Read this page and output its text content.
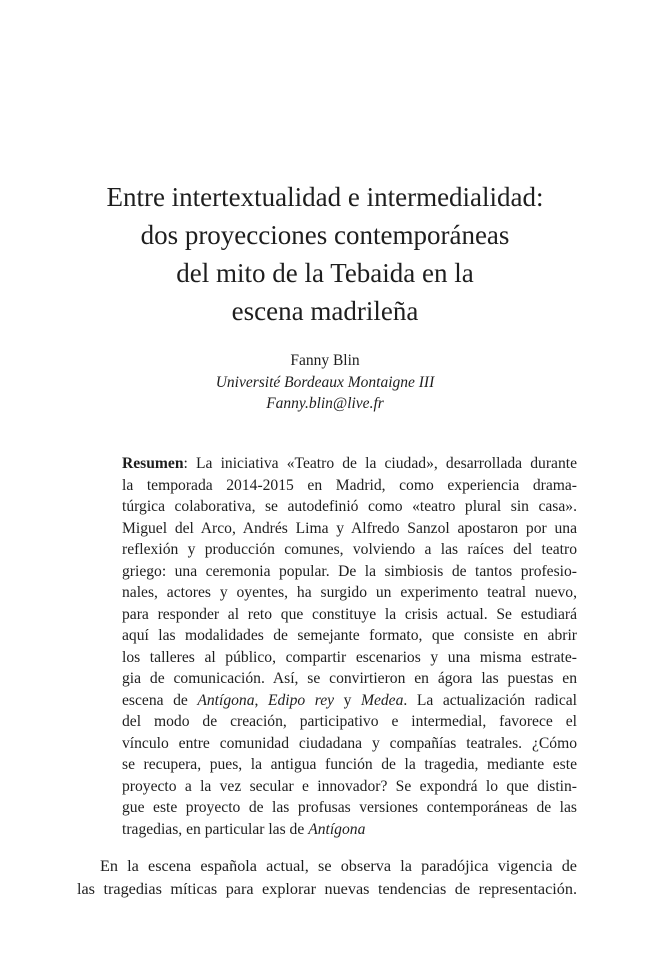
Entre intertextualidad e intermedialidad:
dos proyecciones contemporáneas
del mito de la Tebaida en la
escena madrileña
Fanny Blin
Université Bordeaux Montaigne III
Fanny.blin@live.fr
Resumen: La iniciativa «Teatro de la ciudad», desarrollada durante
la temporada 2014-2015 en Madrid, como experiencia drama-
túrgica colaborativa, se autodefinió como «teatro plural sin casa».
Miguel del Arco, Andrés Lima y Alfredo Sanzol apostaron por una
reflexión y producción comunes, volviendo a las raíces del teatro
griego: una ceremonia popular. De la simbiosis de tantos profesio-
nales, actores y oyentes, ha surgido un experimento teatral nuevo,
para responder al reto que constituye la crisis actual. Se estudiará
aquí las modalidades de semejante formato, que consiste en abrir
los talleres al público, compartir escenarios y una misma estrate-
gia de comunicación. Así, se convirtieron en ágora las puestas en
escena de Antígona, Edipo rey y Medea. La actualización radical
del modo de creación, participativo e intermedial, favorece el
vínculo entre comunidad ciudadana y compañías teatrales. ¿Cómo
se recupera, pues, la antigua función de la tragedia, mediante este
proyecto a la vez secular e innovador? Se expondrá lo que distin-
gue este proyecto de las profusas versiones contemporáneas de las
tragedias, en particular las de Antígona
En la escena española actual, se observa la paradójica vigencia de
las tragedias míticas para explorar nuevas tendencias de representación.
